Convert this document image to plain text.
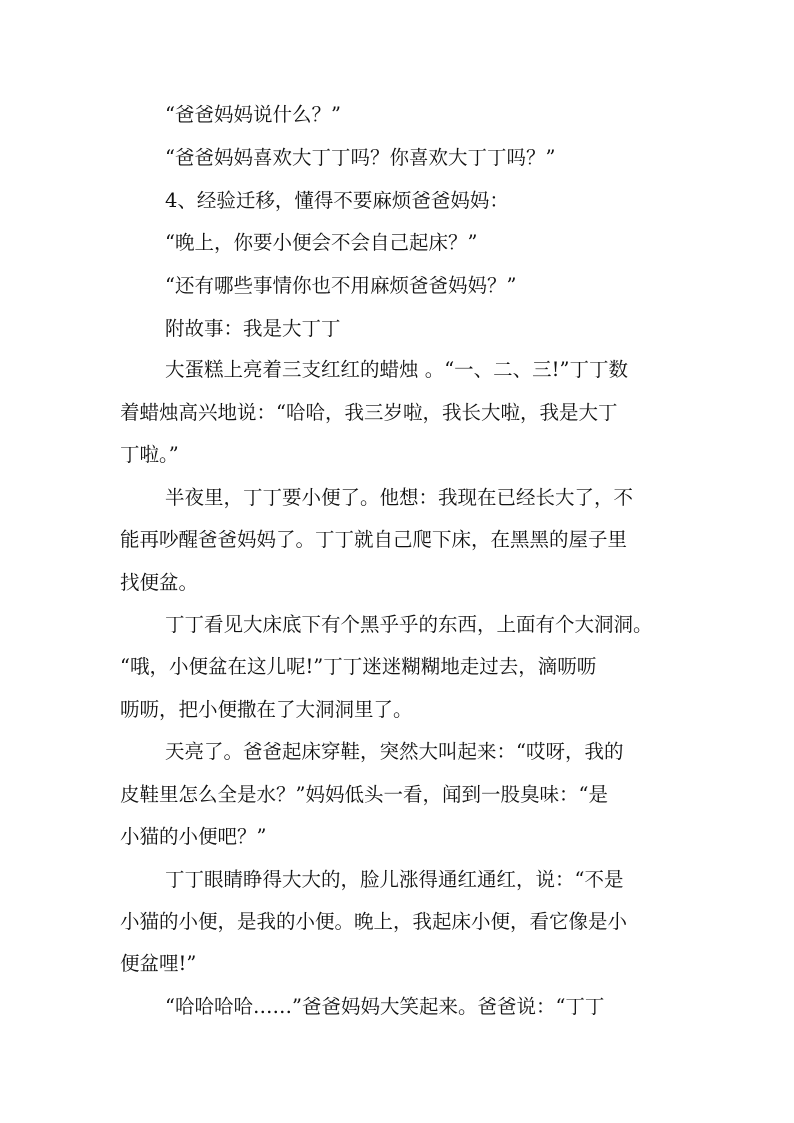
“爸爸妈妈说什么？”
“爸爸妈妈喜欢大丁丁吗？你喜欢大丁丁吗？”
4、经验迁移，懂得不要麻烦爸爸妈妈：
“晚上，你要小便会不会自己起床？”
“还有哪些事情你也不用麻烦爸爸妈妈？”
附故事：我是大丁丁
大蛋糕上亮着三支红红的蜡烛 。“一、二、三!”丁丁数
着蜡烛高兴地说：“哈哈，我三岁啦，我长大啦，我是大丁
丁啦。”
半夜里，丁丁要小便了。他想：我现在已经长大了，不
能再吵醒爸爸妈妈了。丁丁就自己爬下床，在黑黑的屋子里
找便盆。
丁丁看见大床底下有个黑乎乎的东西，上面有个大洞洞。
“哦，小便盆在这儿呢!”丁丁迷迷糊糊地走过去，滴呖呖
呖呖，把小便撒在了大洞洞里了。
天亮了。爸爸起床穿鞋，突然大叫起来：“哎呀，我的
皮鞋里怎么全是水？”妈妈低头一看，闻到一股臭味：“是
小猫的小便吧？”
丁丁眼睛睁得大大的，脸儿涨得通红通红，说：“不是
小猫的小便，是我的小便。晚上，我起床小便，看它像是小
便盆哩!”
“哈哈哈哈……”爸爸妈妈大笑起来。爸爸说：“丁丁
